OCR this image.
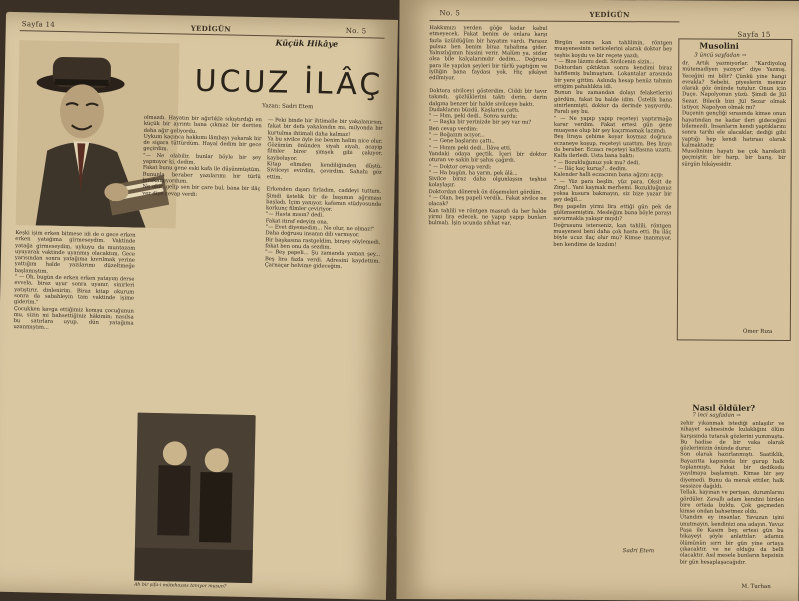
Sayfa 14	YEDİGÜN	No. 5
Küçük Hikâye
UCUZ İLÂÇ
Yazan: Sadri Etem
Keşki işim erken bitmese idi de o gece erken erken yatağıma girmeseydim. Vaktinde yatağa girmeseydim, uykuyu da muntazam uyuyarak vaktinde uyanmış olacaktım. Gece yarısından sonra yatağıma kıvrılmak yerine yattığım halde yazılarımı düzeltmeğe başlamıştım.
" — Oh, bugün de erken erken yatayım derse evvela, biraz uyur sonra uyanır, sinirleri yatıştırır, dinlenirim. Biraz kitap okurum sonra da sabahleyin tam vaktinde işime giderim."
Çocukken kavga ettiğimiz komşu çocuğunun mu, sizin mi bahsettiğiniz hâkimin; nasılsa bu satırlara uyup, dün yatağıma uzanmıştım...
olmazdı. Hayatın bir ağırlıkla sıkıştırdığı en küçük bir ayrıntı bana çıkmaz bir dertten daha ağır geliyordu.
Uykum kaçınca hakkımı lâmbayı yakarak bir de sigara tüttürdüm. Hayal dedim bir gece geçirdim.
"— Ne olabilir, bunlar böyle bir şey yapmıyor ki, dedim.
Fakat bunu gene eski kafa ile düşünmüştüm. Bununla beraber yazılarımı bir türlü bırakamıyordum.
Ne olur, gelip sen bir çare bul, bana bir ilâç ver diye cevap verdi:
Ah bir şifa-i mütehassıs tanıyor musun?
— Peki binde bir ihtimalle bir yakalanırsın, fakat bir defa yakalandın mı, milyonda bir kurtulma ihtimali daha kalmaz!
Ya bu sivilce öyle ise benim halim nice olur. Gözümün önünden siyah siyah, acayip filmler birer şimşek gibi çakıyor, kayboluyor.
Kitap elimden kendiliğinden düştü. Sivilceyi evirdim, çevirdim. Sahahı göz ettim.

Erkenden dışarı fırladım, caddeyi tuttum. Şimdi üstelik bir de başımın ağrıması başladı. İçim yanıyor, kafamın stüdyosunda korkunç filmler çeviriyor.
"— Hasta mısın? dedi.
Fakat itiraf edeyim ona.
"— Evet diyemedim... Ne olur, ne olmaz!"
Daha doğrusu insanın dili varmıyor.
Bir başkasına rastgeldim, birşey söylemedi, fakat ben onu da sezdim.
"— Beş papeli... Şu zamanda yaman şey... Beş lira fazla verdi. Adresini kaydettim. Çarnaçar helvime gideceğim.
No. 5	YEDİGÜN
Sayfa 15
Hakkımızı yerden göğe kadar kabul etmeyecek. Fakat benim de onlara karşı fazla üzüldüğüm bir hayatım vardı. Parasız pulsuz ben benim biraz tuhafıma gider. Yalnızlığımın hissini verir. Malûm ya, sizler olsa bile kalçalarımdır dedim... Doğrusu para ile yapılan şeyleri bir türlü yaptığım ve iyiliğin bana faydası yok. Hiç şikâyet edilmiyor.

Doktora sivilceyi gösterdim. Ciddi bir tavır takındı, gözlüklerini taktı derin, derin dalgına benzer bir halde sivilceye baktı.
Dudaklarını büzdü. Kaşlarını çattı.
" — Hım, peki dedi.. Sonra surdu:
" — Başka bir yerinizde bir şey var mı?
Ben cevap verdim:
" — Boğazım acıyor...
" — Gene başlarını çattı..
" — Hımm peki dedi.. İlâve etti.
Yandaki odaya geçtik. İçeri bir doktor oturan ve sakin bir şahıs çağırdı.
" — Doktor cevap verdi:
" — Ha bugün, ha yarın, pek âlâ...
Sivilce biraz daha olgunlaşsın teşhisi kolaylaşır.
Doktordan dönerek ön döşemeleri gördüm.
" — Olan, beş papeli verdik.. Fakat sivilce ne olacak?
Kan tahlili ve röntgen masrafı da her halde yirmi lira edecek, ne yapıp yapıp bunları bulmalı. İşin ucunda sıhhat var.
Birgün sonra kan tahlilinin, röntgen muayenesinin neticelerini alarak doktor bey teşhis koydu ve bir reçete yazdı.
" — Bize lâzımı dedi. Sivilcenin sizin...
Doktordan çıktıktan sonra kendimi biraz hafiflemiş bulmuştum. Lokantalar arasında bir yere gittim. Aslında hesap henüz tahmin ettiğim pahalılıkta idi.
Bunun bu zamandan dolayı felaketlerini gördüm, fakat bu halde idim. Üstelik bana sinirlenmişti, doktor da derinde yaşıyordu. Paralı şey bu.
" — Ne yapıp yapıp reçeteyi yaptırmağa karar verdim. Fakat ertesi gün gene muayene olup bir şey kaçırmamak lazımdı.
Beş liraya çehime koyar koymaz doğruca eczaneye koşup, reçeteyi uzattım. Beş lirayı da beraber. Eczacı reçeteyi kalfasına uzattı. Kalfa ilerledi. Usta bana baktı:
" — Bozukluğunuz yok mu? dedi.
" — İlâç kaç kuruş?.. dedim.
Kalender halli eczacının bana ağzını açıp:
" — Yüz para beşlin, yüz para. Oksit de Zing!.. Yani kaymak merhemi. Bozukluğunuz yoksa kusura bakmayın, siz bize yazar bir şey değil...
Beş papelin yirmi lira ettiği gün pek de gülümsemiştim. Mesleğim buna böyle parayı savurmakla yakışır mıydı?
Doğrusunu isterseniz, kan tahlili, röntgen muayenesi beni daha çok hasta etti. Bu ilâç böyle ucuz ilaç olur mu? Kimse inanmıyor, ben kendime de kızdım!
Sadri Etem
Musolini
3 üncü sayfadan →
dr. Artık yazmıyorlar. "Kardiyolog mütemadiyen yazıyor" diye Yazmış. Yeceğini mi bilir? Çünkü yine hangi evrakla? Sebebi, piyeslerin memur olarak göz önünde tutulur. Onun için Duçe, Napolyonun yüzü. Şimdi de Jül Sezar, Bilecik bizi Jül Sezar olmak istiyor, Napolyon olmak mı?
Duçenin gençliği sırasında kimse onun hayatından ne kadar ileri gideceğini bilemezdi. İnsanların kendi yaptıklarını sonra tarihi ele alacaklar, dediği gibi yaptığı hep kendi hatırası olarak kalmaktadır.
Musolininin hayatı ise çok hareketli geçmiştir, bir harp, bir barış, bir sürgün hikâyesidir.
Omer Rıza
Nasıl öldüler?
7 inci sayfadan →
zehir yıkanmak istediği anlaşılır ve nihayet sahnesinde kulaklığını ölüm karşısında tutarak gözlerini yummuştu. Bu hadise de bir vaka olarak gözlerimizin önünde durur.
Son olarak hazırlanmıştı. Saatiklik, Bayazıtta kapısında bir gurup halk toplanmıştı. Fakat bir dedikodu yayılmaya başlamıştı. Kimse bir şey diyemedi. Bunu da merak ettiler, halk sessizce dağıldı.
Tellak, kayınan ve perişan, durumlarını gördüler. Zavallı adam kendini birden bire ortada buldu. Çok geçmeden kimse ondan bahsetmez oldu.
Utandım ey insanlar, Yavuzun işini unutmayın, kendinizi ona adayın. Yavuz Paşa ile Kasım bey, ertesi gün bu hikayeyi şöyle anlattılar: adamın ölümünün sırrı bir gün yine ortaya çıkacaktır, ve ne olduğu da belli olacaktır. Asıl mesele bunların hepsinin bir gün hesaplaşacağıdır.
M. Turhan
